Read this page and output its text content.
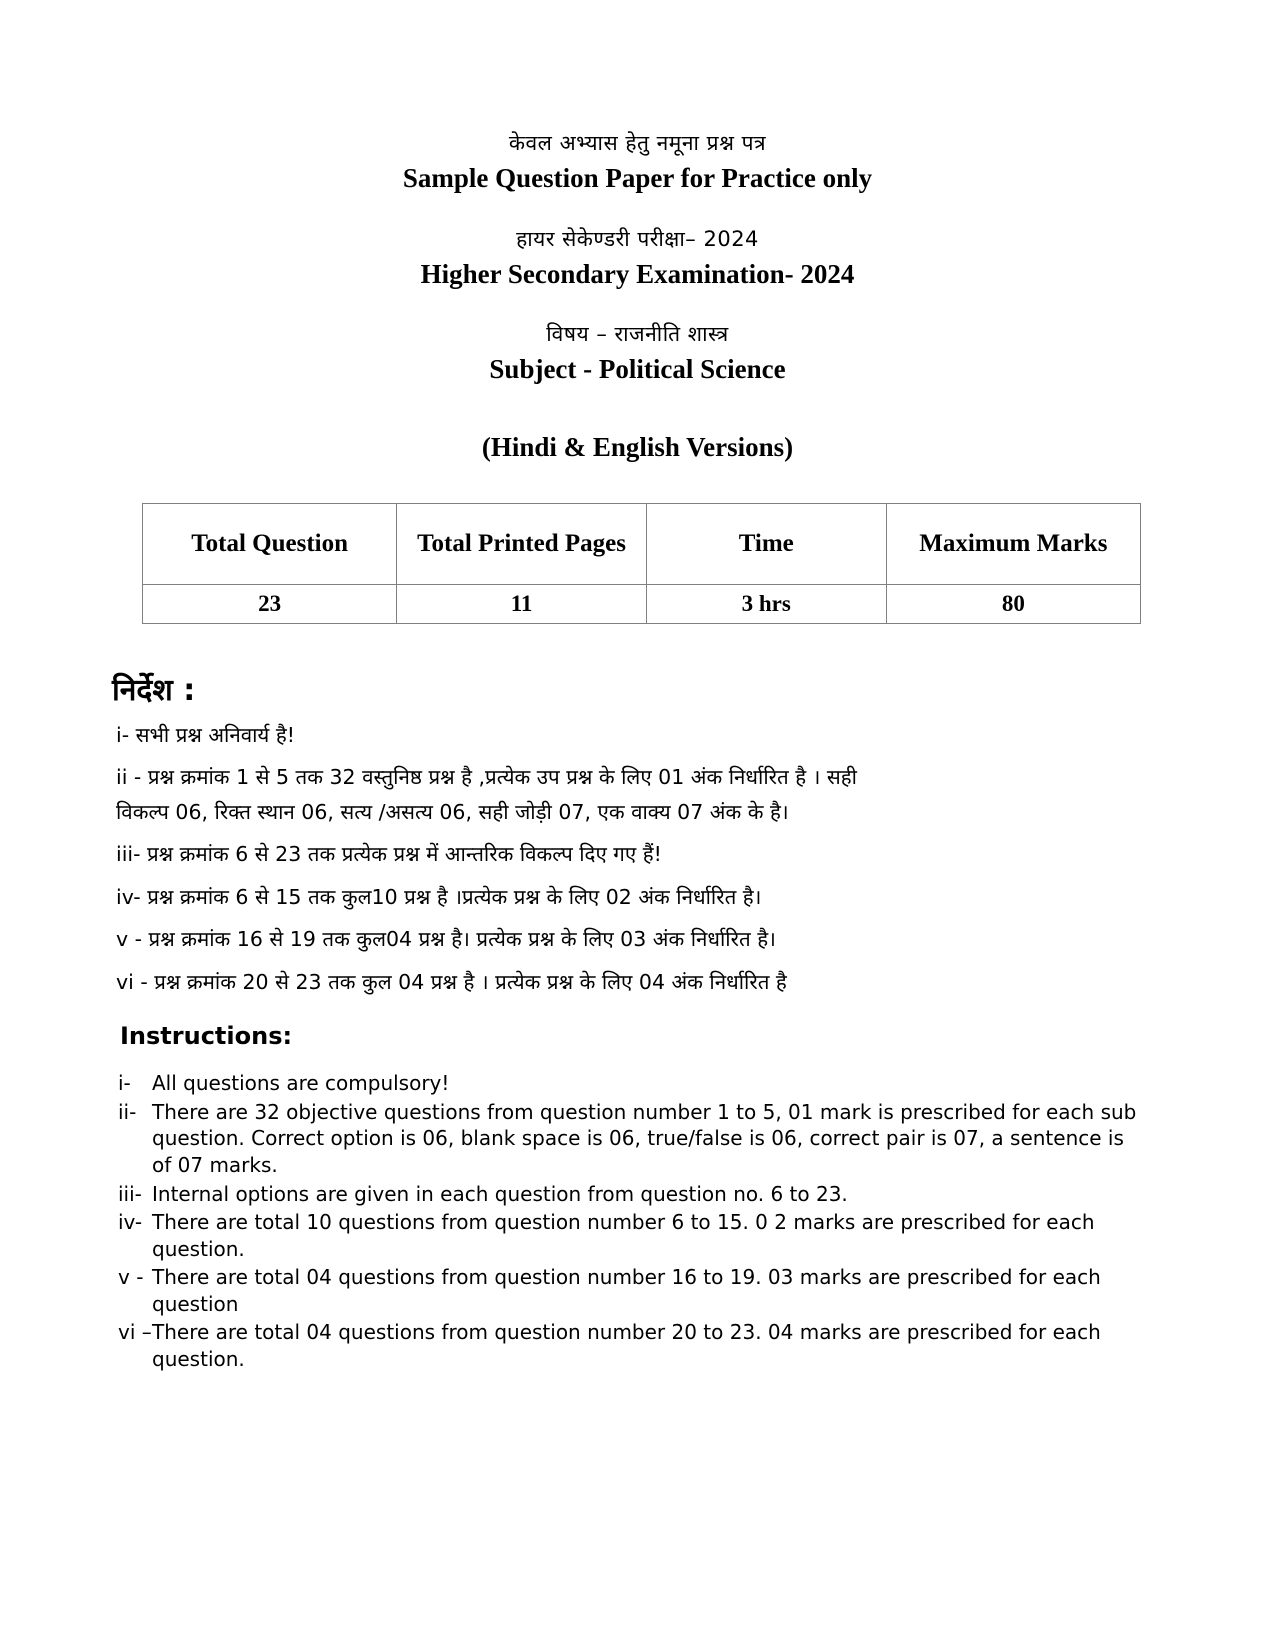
केवल अभ्यास हेतु नमूना प्रश्न पत्र
Sample Question Paper for Practice only
हायर सेकेण्डरी परीक्षा– 2024
Higher Secondary Examination- 2024
विषय – राजनीति शास्त्र
Subject - Political Science
(Hindi & English Versions)
Total Question	Total Printed Pages	Time	Maximum Marks
23	11	3 hrs	80
निर्देश :
i- सभी प्रश्न अनिवार्य है!
ii - प्रश्न क्रमांक 1 से 5 तक 32 वस्तुनिष्ठ प्रश्न है ,प्रत्येक उप प्रश्न के लिए 01 अंक निर्धारित है । सही
विकल्प 06, रिक्त स्थान 06, सत्य /असत्य 06, सही जोड़ी 07, एक वाक्य 07 अंक के है।
iii- प्रश्न क्रमांक 6 से 23 तक प्रत्येक प्रश्न में आन्तरिक विकल्प दिए गए हैं!
iv- प्रश्न क्रमांक 6 से 15 तक कुल10 प्रश्न है ।प्रत्येक प्रश्न के लिए 02 अंक निर्धारित है।
v - प्रश्न क्रमांक 16 से 19 तक कुल04 प्रश्न है। प्रत्येक प्रश्न के लिए 03 अंक निर्धारित है।
vi - प्रश्न क्रमांक 20 से 23 तक कुल 04 प्रश्न है । प्रत्येक प्रश्न के लिए 04 अंक निर्धारित है
Instructions:
i-	All questions are compulsory!
ii- There are 32 objective questions from question number 1 to 5, 01 mark is prescribed for each sub question. Correct option is 06, blank space is 06, true/false is 06, correct pair is 07, a sentence is of 07 marks.
iii- Internal options are given in each question from question no. 6 to 23.
iv- There are total 10 questions from question number 6 to 15. 0 2 marks are prescribed for each question.
v - There are total 04 questions from question number 16 to 19. 03 marks are prescribed for each question
vi – There are total 04 questions from question number 20 to 23. 04 marks are prescribed for each question.
